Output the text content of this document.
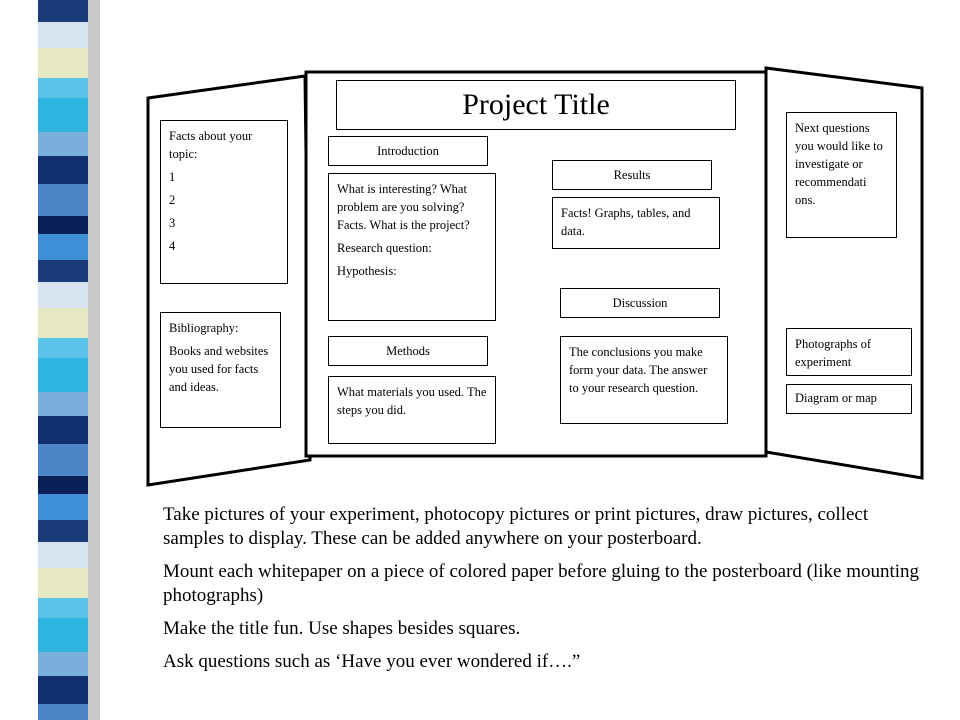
Project Title

Facts about your topic:

1

2

3

4

Bibliography:

Books and websites you used for facts and ideas.

Introduction

What is interesting? What problem are you solving? Facts. What is the project?

Research question:

Hypothesis:

Methods

What materials you used. The steps you did.

Results

Facts! Graphs, tables, and data.

Discussion

The conclusions you make form your data. The answer to your research question.

Next questions you would like to investigate or recommendati ons.

Photographs of experiment

Diagram or map

Take pictures of your experiment, photocopy pictures or print pictures, draw pictures, collect samples to display. These can be added anywhere on your posterboard.

Mount each whitepaper on a piece of colored paper before gluing to the posterboard (like mounting photographs)

Make the title fun. Use shapes besides squares.

Ask questions such as ‘Have you ever wondered if….”
